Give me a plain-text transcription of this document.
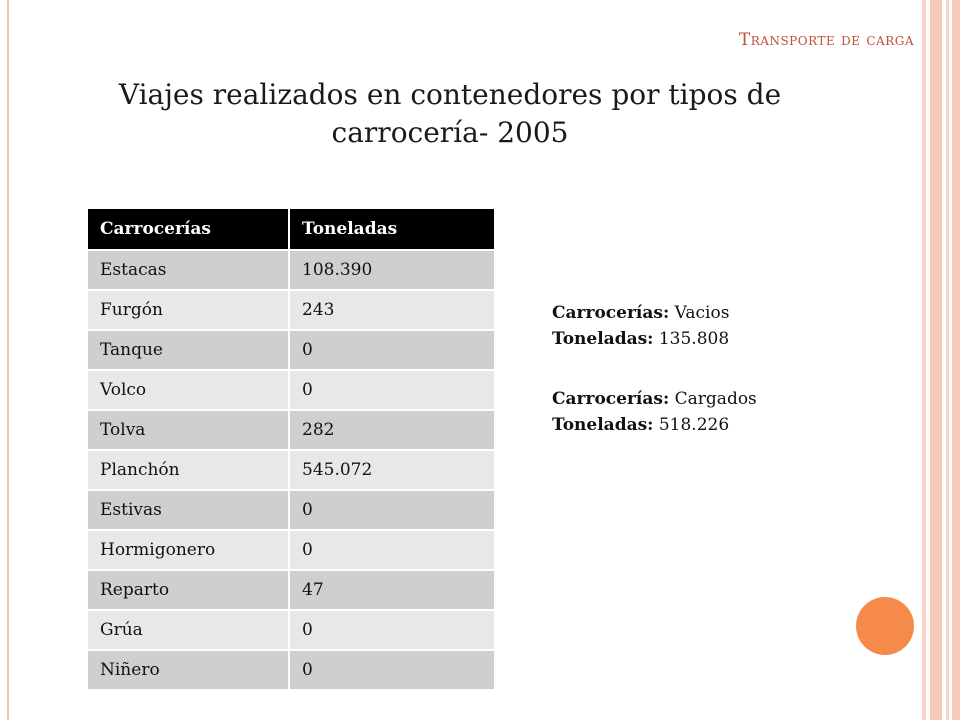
Transporte de carga
Viajes realizados en contenedores por tipos de carrocería- 2005
Carrocerías	Toneladas
Estacas	108.390
Furgón	243
Tanque	0
Volco	0
Tolva	282
Planchón	545.072
Estivas	0
Hormigonero	0
Reparto	47
Grúa	0
Niñero	0
Carrocerías: Vacios
Toneladas: 135.808
Carrocerías: Cargados
Toneladas: 518.226
